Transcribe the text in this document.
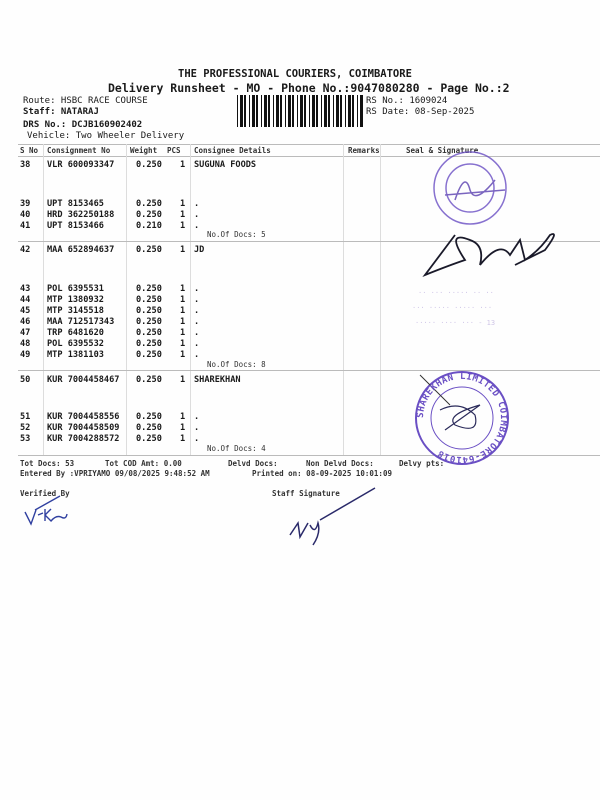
THE PROFESSIONAL COURIERS, COIMBATORE
Delivery Runsheet - MO - Phone No.:9047080280 - Page No.:2
Route: HSBC RACE COURSE
Staff: NATARAJ
DRS No.: DCJB160902402
Vehicle: Two Wheeler Delivery
RS No.: 1609024
RS Date: 08-Sep-2025
S No Consignment No	Weight PCS Consignee Details	Remarks	Seal & Signature
38 VLR 600093347	0.250 1 SUGUNA FOODS
39 UPT 8153465	0.250 1 .
40 HRD 362250188	0.250 1 .
41 UPT 8153466	0.210 1 .
42 MAA 652894637	0.250 1 JD
43 POL 6395531	0.250 1 .
44 MTP 1380932	0.250 1 .
45 MTP 3145518	0.250 1 .
46 MAA 712517343	0.250 1 .
47 TRP 6481620	0.250 1 .
48 POL 6395532	0.250 1 .
49 MTP 1381103	0.250 1 .
50 KUR 7004458467 0.250 1 SHAREKHAN
51 KUR 7004458556 0.250 1 .
52 KUR 7004458509 0.250 1 .
53 KUR 7004288572 0.250 1 .
No.Of Docs: 5
No.Of Docs: 8
No.Of Docs: 4
Tot Docs: 53	Tot COD Amt: 0.00	Delvd Docs:	Non Delvd Docs:	Delvy pts:
Entered By :VPRIYAMO 09/08/2025 9:48:52 AM	Printed on: 08-09-2025 10:01:09
Verified By	Staff Signature
·· ··· ····· ·· ··
··· ····· ····· ···
····· ···· ··· - 13
SHAREKHAN LIMITED COIMBATORE-641018
